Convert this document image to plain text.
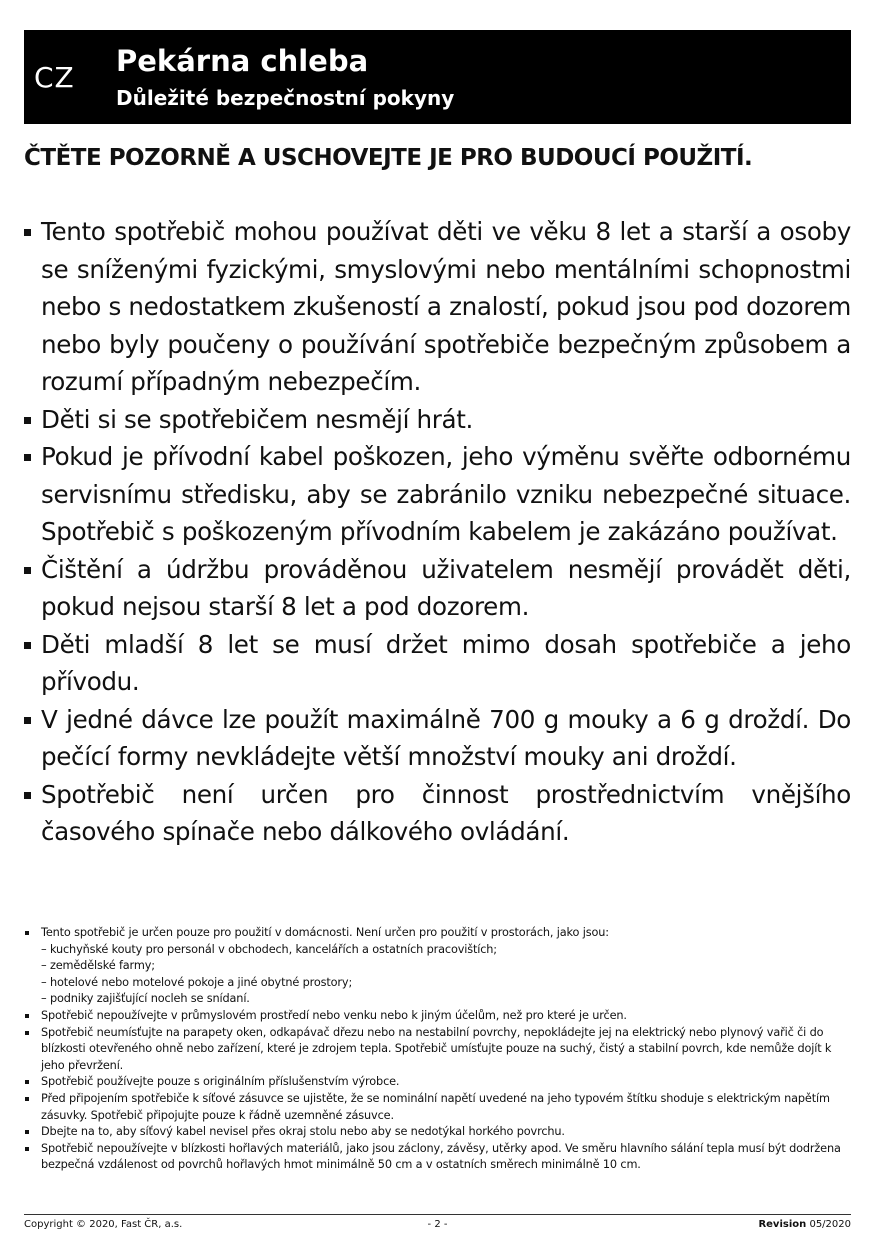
CZ Pekárna chleba
Důležité bezpečnostní pokyny
ČTĚTE POZORNĚ A USCHOVEJTE JE PRO BUDOUCÍ POUŽITÍ.
Tento spotřebič mohou používat děti ve věku 8 let a starší a osoby se sníženými fyzickými, smyslovými nebo mentálními schopnostmi nebo s nedostatkem zkušeností a znalostí, pokud jsou pod dozorem nebo byly poučeny o používání spotřebiče bezpečným způsobem a rozumí případným nebezpečím.
Děti si se spotřebičem nesmějí hrát.
Pokud je přívodní kabel poškozen, jeho výměnu svěřte odbornému servisnímu středisku, aby se zabránilo vzniku nebezpečné situace. Spotřebič s poškozeným přívodním kabelem je zakázáno používat.
Čištění a údržbu prováděnou uživatelem nesmějí provádět děti, pokud nejsou starší 8 let a pod dozorem.
Děti mladší 8 let se musí držet mimo dosah spotřebiče a jeho přívodu.
V jedné dávce lze použít maximálně 700 g mouky a 6 g droždí. Do pečící formy nevkládejte větší množství mouky ani droždí.
Spotřebič není určen pro činnost prostřednictvím vnějšího časového spínače nebo dálkového ovládání.
Tento spotřebič je určen pouze pro použití v domácnosti. Není určen pro použití v prostorách, jako jsou:
– kuchyňské kouty pro personál v obchodech, kancelářích a ostatních pracovištích;
– zemědělské farmy;
– hotelové nebo motelové pokoje a jiné obytné prostory;
– podniky zajišťující nocleh se snídaní.
Spotřebič nepoužívejte v průmyslovém prostředí nebo venku nebo k jiným účelům, než pro které je určen.
Spotřebič neumísťujte na parapety oken, odkapávač dřezu nebo na nestabilní povrchy, nepokládejte jej na elektrický nebo plynový vařič či do blízkosti otevřeného ohně nebo zařízení, které je zdrojem tepla. Spotřebič umísťujte pouze na suchý, čistý a stabilní povrch, kde nemůže dojít k jeho převržení.
Spotřebič používejte pouze s originálním příslušenstvím výrobce.
Před připojením spotřebiče k síťové zásuvce se ujistěte, že se nominální napětí uvedené na jeho typovém štítku shoduje s elektrickým napětím zásuvky. Spotřebič připojujte pouze k řádně uzemněné zásuvce.
Dbejte na to, aby síťový kabel nevisel přes okraj stolu nebo aby se nedotýkal horkého povrchu.
Spotřebič nepoužívejte v blízkosti hořlavých materiálů, jako jsou záclony, závěsy, utěrky apod. Ve směru hlavního sálání tepla musí být dodržena bezpečná vzdálenost od povrchů hořlavých hmot minimálně 50 cm a v ostatních směrech minimálně 10 cm.
Copyright © 2020, Fast ČR, a.s.	- 2 -	Revision 05/2020
